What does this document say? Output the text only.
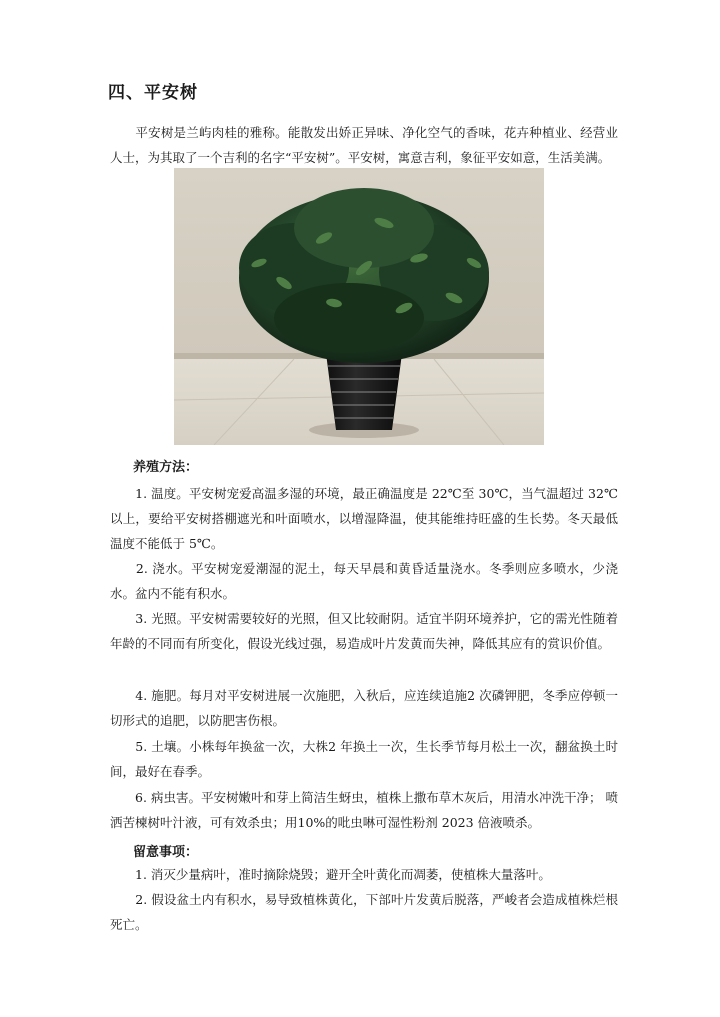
四、平安树
　　平安树是兰屿肉桂的雅称。能散发出娇正异味、净化空气的香味，花卉种植业、经营业 人士，为其取了一个吉利的名字“平安树”。平安树，寓意吉利，象征平安如意，生活美满。
养殖方法：
　　1. 温度。平安树宠爱高温多湿的环境，最正确温度是 22℃至 30℃，当气温超过 32℃以上，要给平安树搭棚遮光和叶面喷水，以增湿降温，使其能维持旺盛的生长势。冬天最低温度不能低于 5℃。
　　2. 浇水。平安树宠爱潮湿的泥土，每天早晨和黄昏适量浇水。冬季则应多喷水，少浇水。盆内不能有积水。
　　3. 光照。平安树需要较好的光照，但又比较耐阴。适宜半阴环境养护，它的需光性随着年龄的不同而有所变化，假设光线过强，易造成叶片发黄而失神，降低其应有的赏识价值。
　　4. 施肥。每月对平安树进展一次施肥，入秋后，应连续追施2 次磷钾肥，冬季应停顿一切形式的追肥，以防肥害伤根。
　　5. 土壤。小株每年换盆一次，大株2 年换土一次，生长季节每月松土一次，翻盆换土时间，最好在春季。
　　6. 病虫害。平安树嫩叶和芽上简洁生蚜虫，植株上撒布草木灰后，用清水冲洗干净； 喷洒苦楝树叶汁液，可有效杀虫；用10%的吡虫啉可湿性粉剂 2023 倍液喷杀。
留意事项：
　　1. 消灭少量病叶，准时摘除烧毁；避开全叶黄化而凋萎，使植株大量落叶。
　　2. 假设盆土内有积水，易导致植株黄化，下部叶片发黄后脱落，严峻者会造成植株烂根死亡。
